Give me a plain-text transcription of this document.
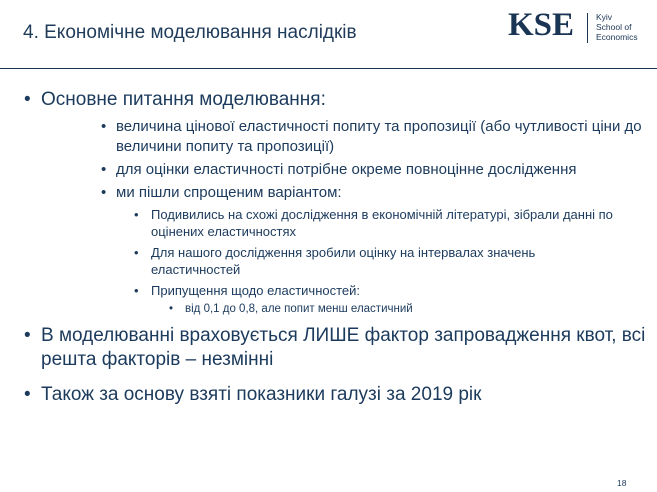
4. Економічне моделювання наслідків	KSE	Kyiv
School of
Economics
• Основне питання моделювання:
• величина цінової еластичності попиту та пропозиції (або чутливості ціни до величини попиту та пропозиції)
• для оцінки еластичності потрібне окреме повноцінне дослідження
• ми пішли спрощеним варіантом:
• Подивились на схожі дослідження в економічній літературі, зібрали данні по оцінених еластичностях
• Для нашого дослідження зробили оцінку на інтервалах значень еластичностей
• Припущення щодо еластичностей:
• від 0,1 до 0,8, але попит менш еластичний
• В моделюванні враховується ЛИШЕ фактор запровадження квот, всі решта факторів – незмінні
• Також за основу взяті показники галузі за 2019 рік
18
